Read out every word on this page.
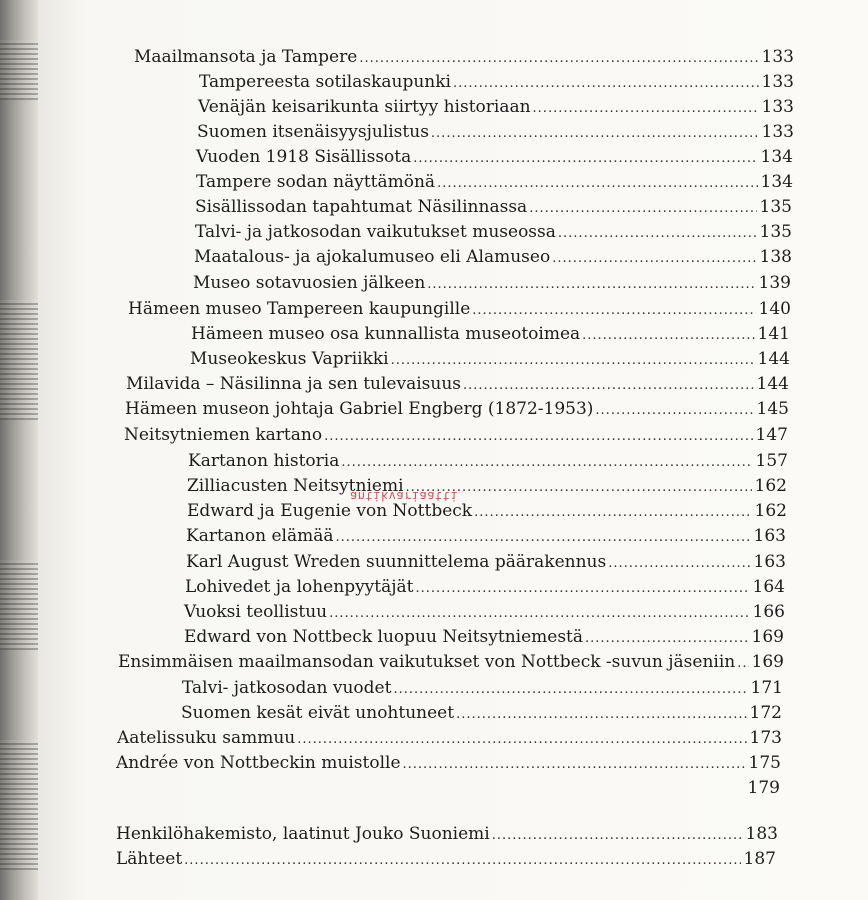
Maailmansota ja Tampere .....	133
Tampereesta sotilaskaupunki .....	133
Venäjän keisarikunta siirtyy historiaan .....	133
Suomen itsenäisyysjulistus .....	133
Vuoden 1918 Sisällissota .....	134
Tampere sodan näyttämönä .....	134
Sisällissodan tapahtumat Näsilinnassa .....	135
Talvi- ja jatkosodan vaikutukset museossa .....	135
Maatalous- ja ajokalumuseo eli Alamuseo .....	138
Museo sotavuosien jälkeen .....	139
Hämeen museo Tampereen kaupungille .....	140
Hämeen museo osa kunnallista museotoimea .....	141
Museokeskus Vapriikki .....	144
Milavida – Näsilinna ja sen tulevaisuus .....	144
Hämeen museon johtaja Gabriel Engberg (1872-1953) .....	145
Neitsytniemen kartano .....	147
Kartanon historia .....	157
Zilliacusten Neitsytniemi .....	162
Edward ja Eugenie von Nottbeck .....	162
Kartanon elämää .....	163
Karl August Wreden suunnittelema päärakennus .....	163
Lohivedet ja lohenpyytäjät .....	164
Vuoksi teollistuu .....	166
Edward von Nottbeck luopuu Neitsytniemestä .....	169
Ensimmäisen maailmansodan vaikutukset von Nottbeck -suvun jäseniin ..... 169
Talvi- jatkosodan vuodet .....	171
Suomen kesät eivät unohtuneet .....	172
Aatelissuku sammuu .....	173
Andrée von Nottbeckin muistolle .....	175
179
Henkilöhakemisto, laatinut Jouko Suoniemi .....	183
Lähteet .....	187
antikvariaatti
